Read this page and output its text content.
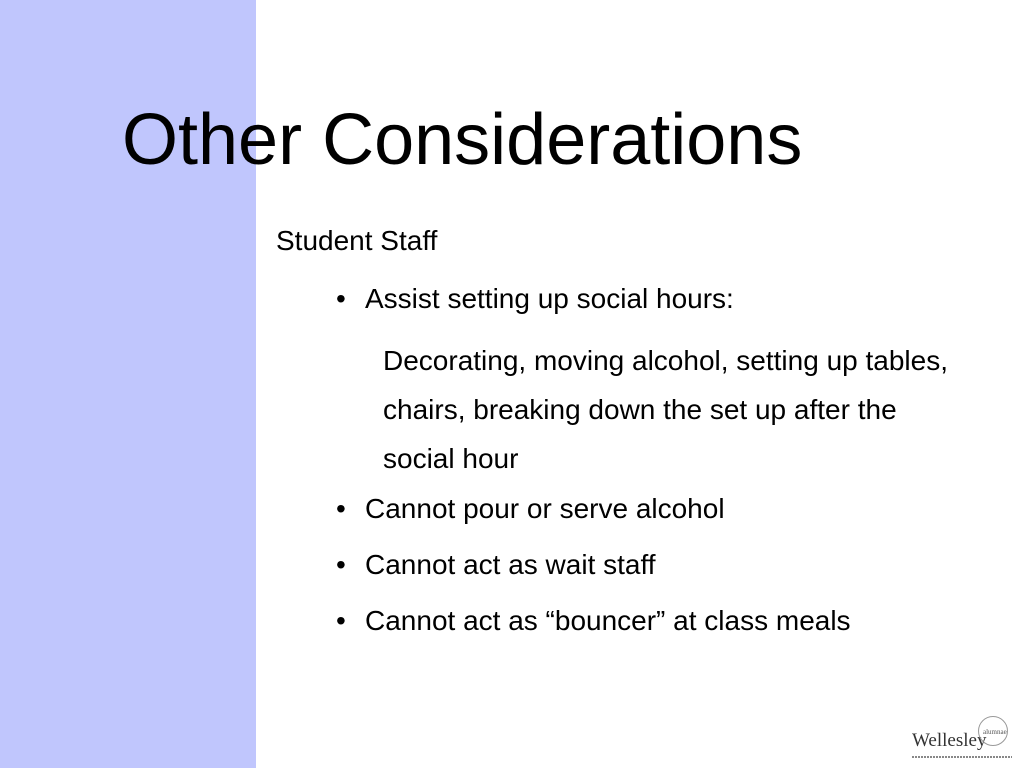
Other Considerations
Student Staff
• Assist setting up social hours:
Decorating, moving alcohol, setting up tables, chairs, breaking down the set up after the social hour
• Cannot pour or serve alcohol
• Cannot act as wait staff
• Cannot act as “bouncer” at class meals
Wellesley
alumnae
